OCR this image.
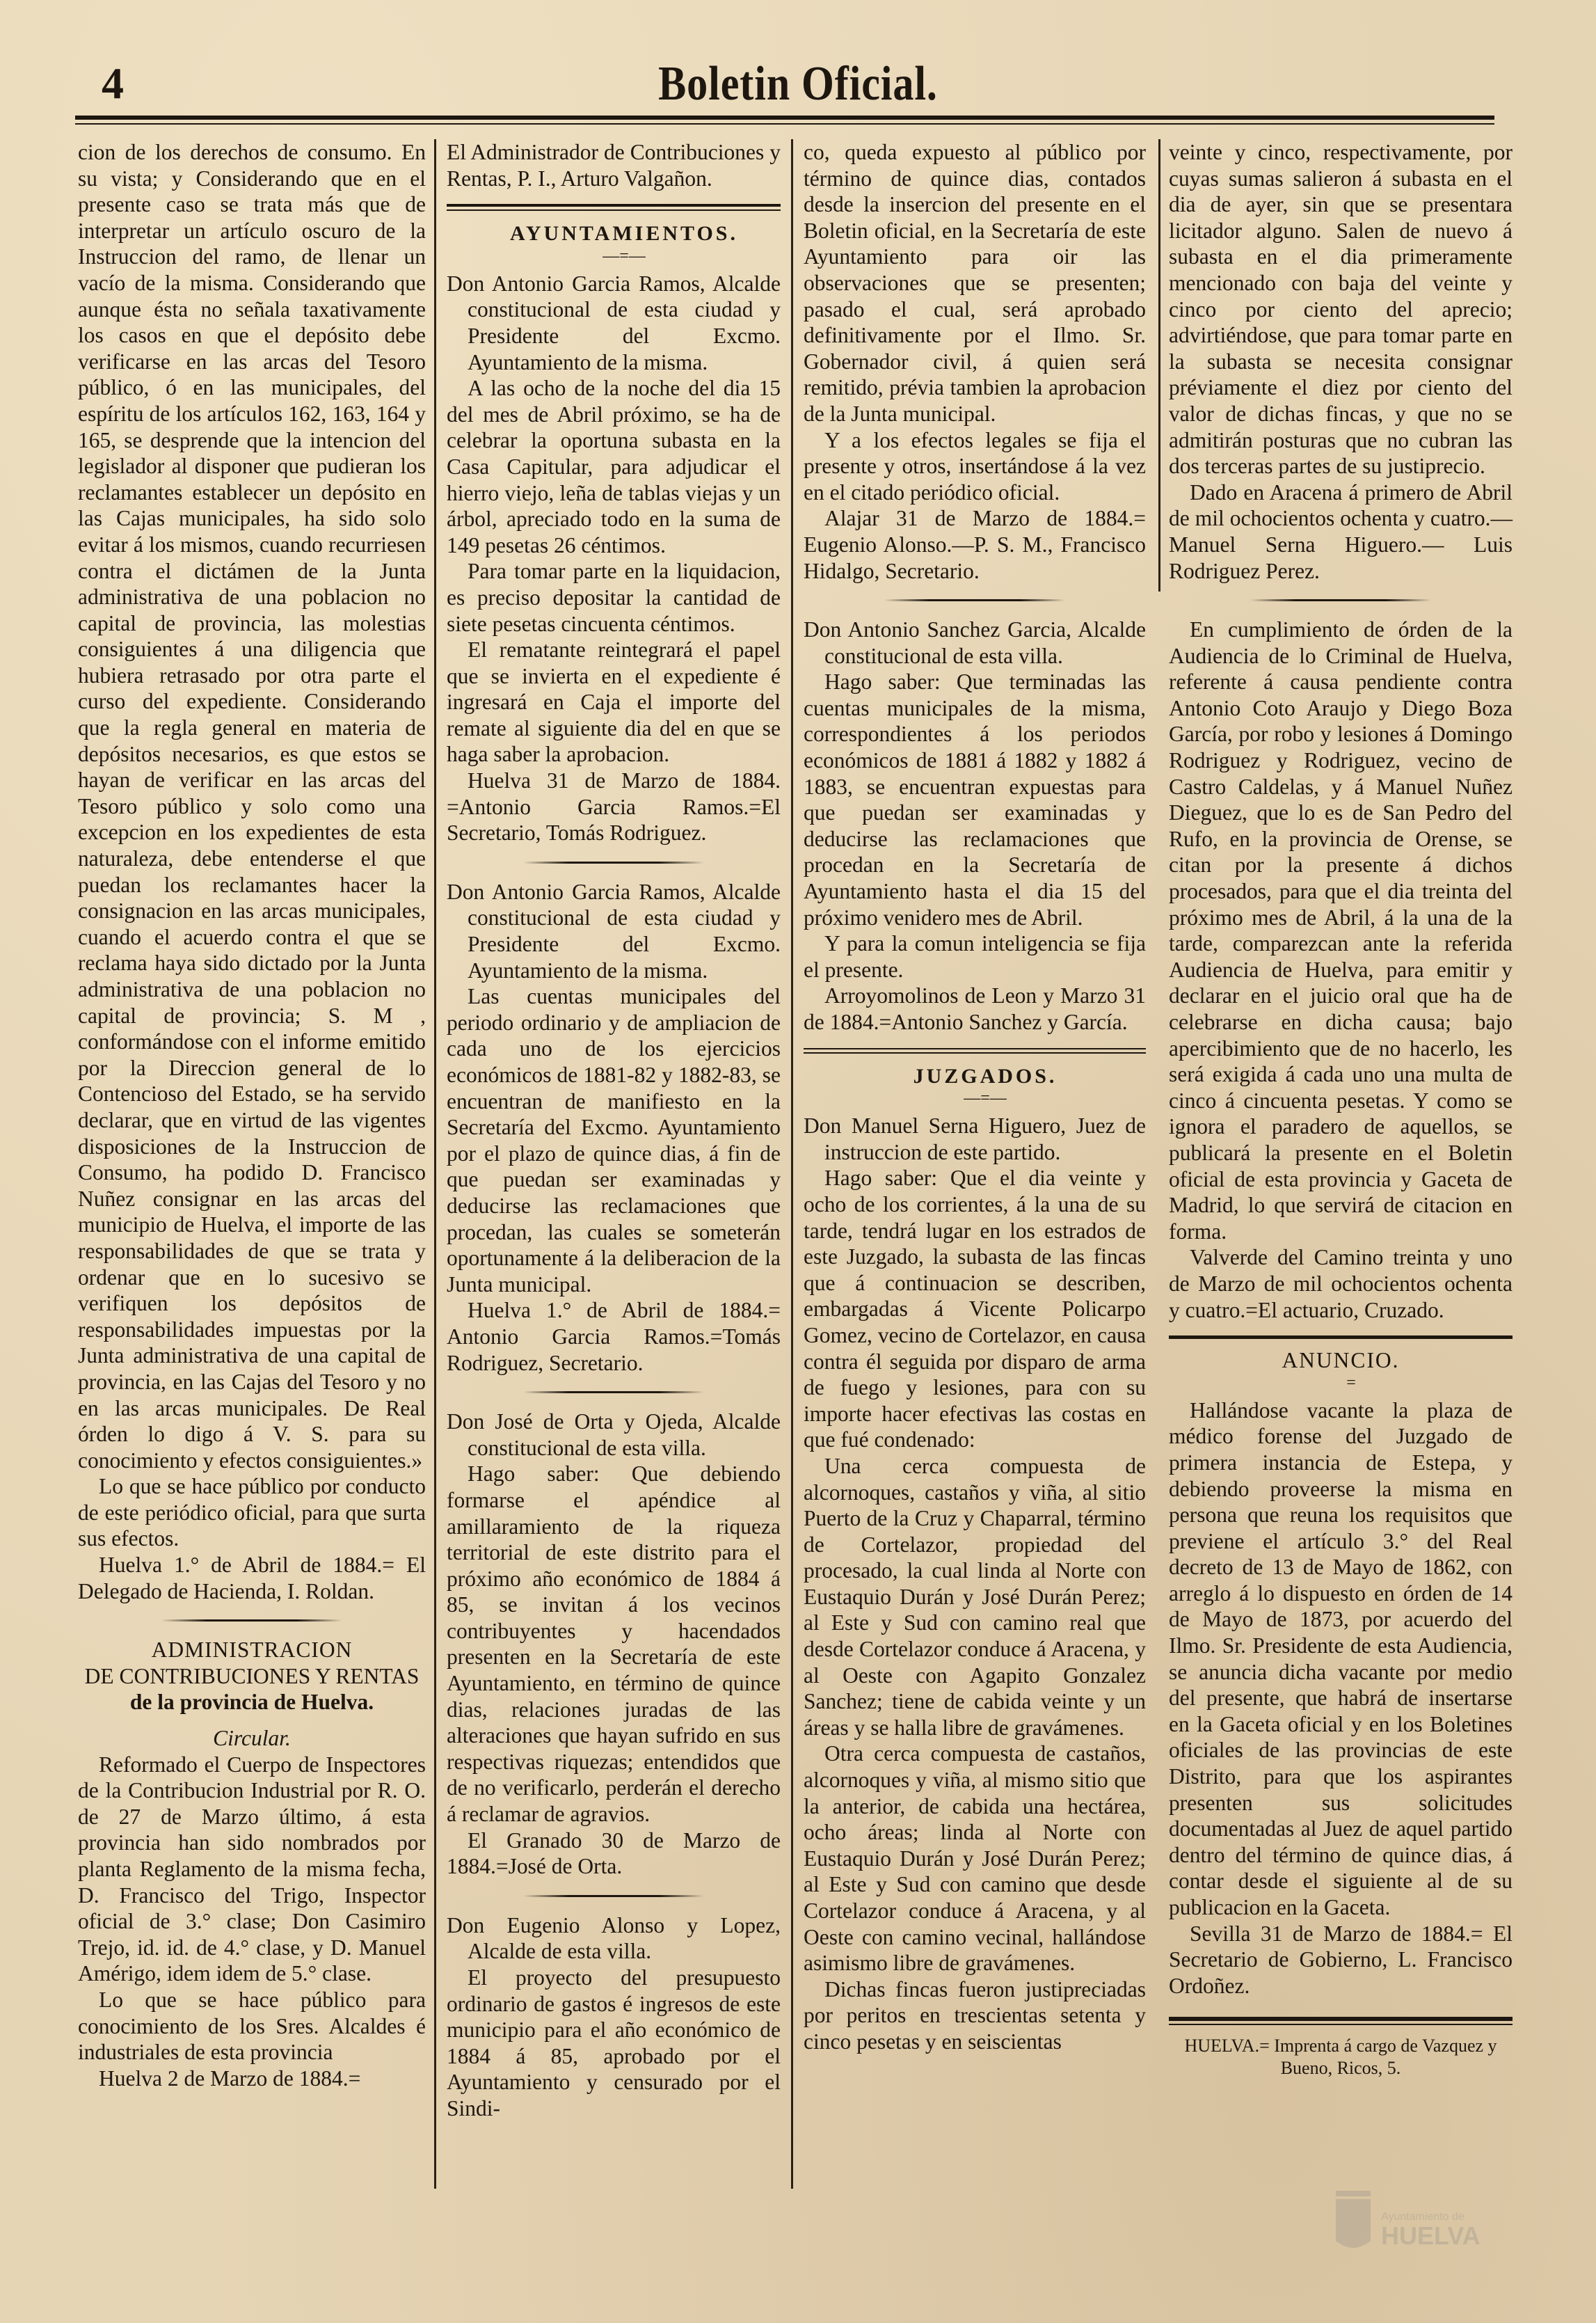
4	Boletin Oficial.

cion de los derechos de consumo. En su vista; y Considerando que en el presente caso se trata más que de interpretar un artículo oscuro de la Instruccion del ramo, de llenar un vacío de la misma. Considerando que aunque ésta no señala taxativamente los casos en que el depósito debe verificarse en las arcas del Tesoro público, ó en las municipales, del espíritu de los artículos 162, 163, 164 y 165, se desprende que la intencion del legislador al disponer que pudieran los reclamantes establecer un depósito en las Cajas municipales, ha sido solo evitar á los mismos, cuando recurriesen contra el dictámen de la Junta administrativa de una poblacion no capital de provincia, las molestias consiguientes á una diligencia que hubiera retrasado por otra parte el curso del expediente. Considerando que la regla general en materia de depósitos necesarios, es que estos se hayan de verificar en las arcas del Tesoro público y solo como una excepcion en los expedientes de esta naturaleza, debe entenderse el que puedan los reclamantes hacer la consignacion en las arcas municipales, cuando el acuerdo contra el que se reclama haya sido dictado por la Junta administrativa de una poblacion no capital de provincia; S. M , conformándose con el informe emitido por la Direccion general de lo Contencioso del Estado, se ha servido declarar, que en virtud de las vigentes disposiciones de la Instruccion de Consumo, ha podido D. Francisco Nuñez consignar en las arcas del municipio de Huelva, el importe de las responsabilidades de que se trata y ordenar que en lo sucesivo se verifiquen los depósitos de responsabilidades impuestas por la Junta administrativa de una capital de provincia, en las Cajas del Tesoro y no en las arcas municipales. De Real órden lo digo á V. S. para su conocimiento y efectos consiguientes.»

Lo que se hace público por conducto de este periódico oficial, para que surta sus efectos.

Huelva 1.° de Abril de 1884.= El Delegado de Hacienda, I. Roldan.

ADMINISTRACION

DE CONTRIBUCIONES Y RENTAS

de la provincia de Huelva.

Circular.

Reformado el Cuerpo de Inspectores de la Contribucion Industrial por R. O. de 27 de Marzo último, á esta provincia han sido nombrados por planta Reglamento de la misma fecha, D. Francisco del Trigo, Inspector oficial de 3.° clase; Don Casimiro Trejo, id. id. de 4.° clase, y D. Manuel Amérigo, idem idem de 5.° clase.

Lo que se hace público para conocimiento de los Sres. Alcaldes é industriales de esta provincia

Huelva 2 de Marzo de 1884.=

El Administrador de Contribuciones y Rentas, P. I., Arturo Valgañon.

AYUNTAMIENTOS.

—=—

Don Antonio Garcia Ramos, Alcalde constitucional de esta ciudad y Presidente del Excmo. Ayuntamiento de la misma.

A las ocho de la noche del dia 15 del mes de Abril próximo, se ha de celebrar la oportuna subasta en la Casa Capitular, para adjudicar el hierro viejo, leña de tablas viejas y un árbol, apreciado todo en la suma de 149 pesetas 26 céntimos.

Para tomar parte en la liquidacion, es preciso depositar la cantidad de siete pesetas cincuenta céntimos.

El rematante reintegrará el papel que se invierta en el expediente é ingresará en Caja el importe del remate al siguiente dia del en que se haga saber la aprobacion.

Huelva 31 de Marzo de 1884. =Antonio Garcia Ramos.=El Secretario, Tomás Rodriguez.

Don Antonio Garcia Ramos, Alcalde constitucional de esta ciudad y Presidente del Excmo. Ayuntamiento de la misma.

Las cuentas municipales del periodo ordinario y de ampliacion de cada uno de los ejercicios económicos de 1881-82 y 1882-83, se encuentran de manifiesto en la Secretaría del Excmo. Ayuntamiento por el plazo de quince dias, á fin de que puedan ser examinadas y deducirse las reclamaciones que procedan, las cuales se someterán oportunamente á la deliberacion de la Junta municipal.

Huelva 1.° de Abril de 1884.= Antonio Garcia Ramos.=Tomás Rodriguez, Secretario.

Don José de Orta y Ojeda, Alcalde constitucional de esta villa.

Hago saber: Que debiendo formarse el apéndice al amillaramiento de la riqueza territorial de este distrito para el próximo año económico de 1884 á 85, se invitan á los vecinos contribuyentes y hacendados presenten en la Secretaría de este Ayuntamiento, en término de quince dias, relaciones juradas de las alteraciones que hayan sufrido en sus respectivas riquezas; entendidos que de no verificarlo, perderán el derecho á reclamar de agravios.

El Granado 30 de Marzo de 1884.=José de Orta.

Don Eugenio Alonso y Lopez, Alcalde de esta villa.

El proyecto del presupuesto ordinario de gastos é ingresos de este municipio para el año económico de 1884 á 85, aprobado por el Ayuntamiento y censurado por el Sindi-

co, queda expuesto al público por término de quince dias, contados desde la insercion del presente en el Boletin oficial, en la Secretaría de este Ayuntamiento para oir las observaciones que se presenten; pasado el cual, será aprobado definitivamente por el Ilmo. Sr. Gobernador civil, á quien será remitido, prévia tambien la aprobacion de la Junta municipal.

Y a los efectos legales se fija el presente y otros, insertándose á la vez en el citado periódico oficial.

Alajar 31 de Marzo de 1884.= Eugenio Alonso.—P. S. M., Francisco Hidalgo, Secretario.

Don Antonio Sanchez Garcia, Alcalde constitucional de esta villa.

Hago saber: Que terminadas las cuentas municipales de la misma, correspondientes á los periodos económicos de 1881 á 1882 y 1882 á 1883, se encuentran expuestas para que puedan ser examinadas y deducirse las reclamaciones que procedan en la Secretaría de Ayuntamiento hasta el dia 15 del próximo venidero mes de Abril.

Y para la comun inteligencia se fija el presente.

Arroyomolinos de Leon y Marzo 31 de 1884.=Antonio Sanchez y García.

JUZGADOS.

—=—

Don Manuel Serna Higuero, Juez de instruccion de este partido.

Hago saber: Que el dia veinte y ocho de los corrientes, á la una de su tarde, tendrá lugar en los estrados de este Juzgado, la subasta de las fincas que á continuacion se describen, embargadas á Vicente Policarpo Gomez, vecino de Cortelazor, en causa contra él seguida por disparo de arma de fuego y lesiones, para con su importe hacer efectivas las costas en que fué condenado:

Una cerca compuesta de alcornoques, castaños y viña, al sitio Puerto de la Cruz y Chaparral, término de Cortelazor, propiedad del procesado, la cual linda al Norte con Eustaquio Durán y José Durán Perez; al Este y Sud con camino real que desde Cortelazor conduce á Aracena, y al Oeste con Agapito Gonzalez Sanchez; tiene de cabida veinte y un áreas y se halla libre de gravámenes.

Otra cerca compuesta de castaños, alcornoques y viña, al mismo sitio que la anterior, de cabida una hectárea, ocho áreas; linda al Norte con Eustaquio Durán y José Durán Perez; al Este y Sud con camino que desde Cortelazor conduce á Aracena, y al Oeste con camino vecinal, hallándose asimismo libre de gravámenes.

Dichas fincas fueron justipreciadas por peritos en trescientas setenta y cinco pesetas y en seiscientas

veinte y cinco, respectivamente, por cuyas sumas salieron á subasta en el dia de ayer, sin que se presentara licitador alguno. Salen de nuevo á subasta en el dia primeramente mencionado con baja del veinte y cinco por ciento del aprecio; advirtiéndose, que para tomar parte en la subasta se necesita consignar préviamente el diez por ciento del valor de dichas fincas, y que no se admitirán posturas que no cubran las dos terceras partes de su justiprecio.

Dado en Aracena á primero de Abril de mil ochocientos ochenta y cuatro.—Manuel Serna Higuero.— Luis Rodriguez Perez.

En cumplimiento de órden de la Audiencia de lo Criminal de Huelva, referente á causa pendiente contra Antonio Coto Araujo y Diego Boza García, por robo y lesiones á Domingo Rodriguez y Rodriguez, vecino de Castro Caldelas, y á Manuel Nuñez Dieguez, que lo es de San Pedro del Rufo, en la provincia de Orense, se citan por la presente á dichos procesados, para que el dia treinta del próximo mes de Abril, á la una de la tarde, comparezcan ante la referida Audiencia de Huelva, para emitir y declarar en el juicio oral que ha de celebrarse en dicha causa; bajo apercibimiento que de no hacerlo, les será exigida á cada uno una multa de cinco á cincuenta pesetas. Y como se ignora el paradero de aquellos, se publicará la presente en el Boletin oficial de esta provincia y Gaceta de Madrid, lo que servirá de citacion en forma.

Valverde del Camino treinta y uno de Marzo de mil ochocientos ochenta y cuatro.=El actuario, Cruzado.

ANUNCIO.

=

Hallándose vacante la plaza de médico forense del Juzgado de primera instancia de Estepa, y debiendo proveerse la misma en persona que reuna los requisitos que previene el artículo 3.° del Real decreto de 13 de Mayo de 1862, con arreglo á lo dispuesto en órden de 14 de Mayo de 1873, por acuerdo del Ilmo. Sr. Presidente de esta Audiencia, se anuncia dicha vacante por medio del presente, que habrá de insertarse en la Gaceta oficial y en los Boletines oficiales de las provincias de este Distrito, para que los aspirantes presenten sus solicitudes documentadas al Juez de aquel partido dentro del término de quince dias, á contar desde el siguiente al de su publicacion en la Gaceta.

Sevilla 31 de Marzo de 1884.= El Secretario de Gobierno, L. Francisco Ordoñez.

HUELVA.= Imprenta á cargo de Vazquez y Bueno, Ricos, 5.

Ayuntamiento de
HUELVA
